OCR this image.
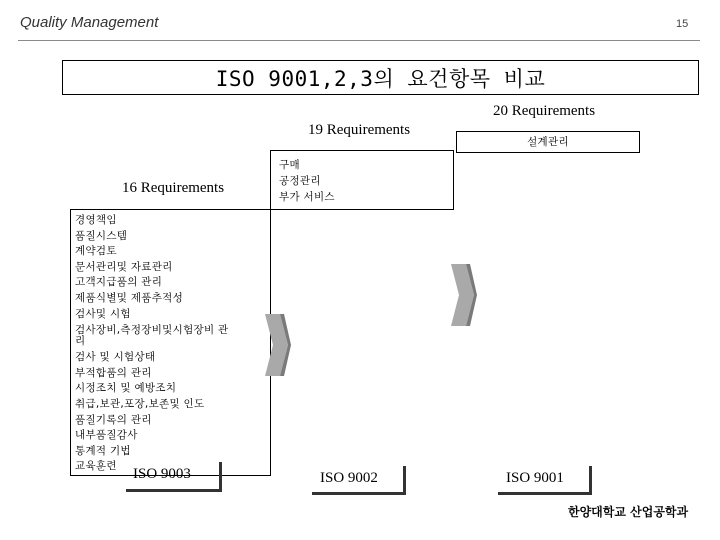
Quality Management	15
ISO 9001,2,3의 요건항목 비교
20 Requirements
19 Requirements
16 Requirements
설계관리
구매
공정관리
부가 서비스
경영책임
품질시스템
계약검토
문서관리및 자료관리
고객지급품의 관리
제품식별및 제품추적성
검사및 시험
검사장비,측정장비및시험장비 관
리
검사 및 시험상태
부적합품의 관리
시정조치 및 예방조치
취급,보관,포장,보존및 인도
품질기록의 관리
내부품질감사
통계적 기법
교육훈련	ISO 9003	ISO 9002	ISO 9001
한양대학교 산업공학과
